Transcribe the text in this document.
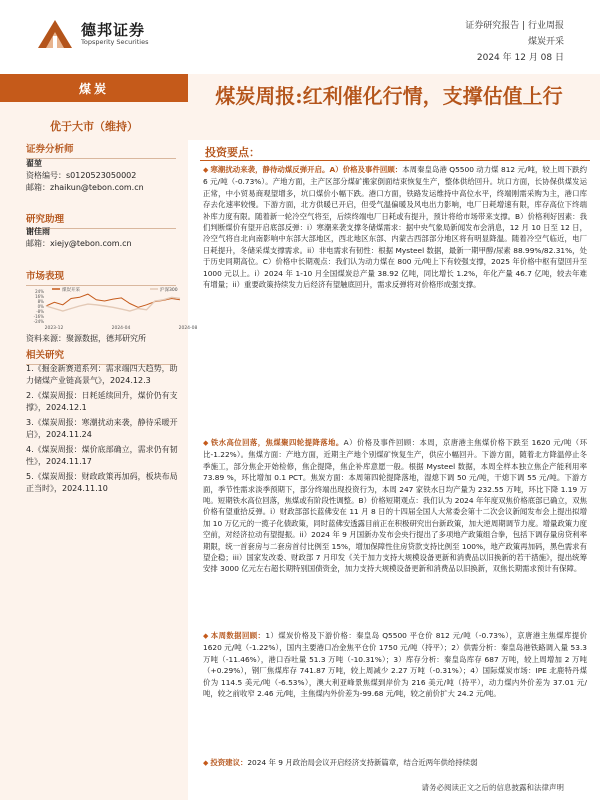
德邦证券
Topsperity Securities
证券研究报告 | 行业周报
煤炭开采
2024 年 12 月 08 日
煤炭
优于大市（维持）
证券分析师
翟堃
资格编号：s0120523050002
邮箱：zhaikun@tebon.com.cn
研究助理
谢佳雨
邮箱：xiejy@tebon.com.cn
市场表现
24%
16%
8%
0%
-8%
-16%
-24%
2023-12	2024-04	2024-08
煤炭开采	沪深300
资料来源：聚源数据，德邦研究所
相关研究
1.《掘金新赛道系列：需求端四大趋势，助力储煤产业链高景气》，2024.12.3
2.《煤炭周报：日耗延续回升，煤价仍有支撑》，2024.12.1
3.《煤炭周报：寒潮扰动来袭，静待采暖开启》，2024.11.24
4.《煤炭周报：煤价底部确立，需求仍有韧性》，2024.11.17
5.《煤炭周报：财政政策再加码，板块布局正当时》，2024.11.10
煤炭周报:红利催化行情，支撑估值上行
投资要点：
◆ 寒潮扰动来袭，静待动煤反弹开启。A）价格及事件回顾：本周秦皇岛港 Q5500 动力煤 812 元/吨，较上周下跌约 6 元/吨（-0.73%）。产地方面，主产区部分煤矿搬家倒面结束恢复生产，整体供给回升。坑口方面，长协保供煤发运正常，中小贸易商观望增多，坑口煤价小幅下跌。港口方面，铁路发运维持中高位水平，终端刚需采购为主，港口库存去化速率较慢。下游方面，北方供暖已开启，但受气温偏暖及风电出力影响，电厂日耗增速有限，库存高位下终端补库力度有限。随着新一轮冷空气将至，后续终端电厂日耗或有提升，预计将给市场带来支撑。B）价格利好因素：我们判断煤价有望开启底部反弹：i）寒潮来袭支撑冬储煤需求：据中央气象局新闻发布会消息，12 月 10 日至 12 日，冷空气将自北向南影响中东部大部地区，西北地区东部、内蒙古西部部分地区将有明显降温。随着冷空气临近，电厂日耗提升，冬储采煤支撑需求。ii）非电需求有韧性：根据 Mysteel 数据，最新一期甲醇/尿素 88.99%/82.31%，处于历史同期高位。C）价格中长期观点：我们认为动力煤在 800 元/吨上下有较强支撑，2025 年价格中枢有望回升至 1000 元以上。i）2024 年 1-10 月全国煤炭总产量 38.92 亿吨，同比增长 1.2%，年化产量 46.7 亿吨，较去年难有增量；ii）重要政策持续发力后经济有望触底回升，需求反弹将对价格形成强支撑。
◆ 铁水高位回落，焦煤聚四轮提降落地。A）价格及事件回顾：本周，京唐港主焦煤价格下跌至 1620 元/吨（环比-1.22%）。焦煤方面：产地方面，近期主产地个别煤矿恢复生产，供应小幅回升。下游方面，随着北方降温停止冬季施工，部分焦企开始检修，焦企提降，焦企补库意愿一般。根据 Mysteel 数据，本周全样本独立焦企产能利用率 73.89 %，环比增加 0.1 PCT。焦炭方面：本周第四轮提降落地，湿熄下调 50 元/吨，干熄下调 55 元/吨。下游方面，季节性需求淡季预期下，部分终端出现投资行为，本周 247 家铁水日均产量为 232.55 万吨，环比下降 1.19 万吨。短期铁水高位回落，焦煤或有阶段性调整。B）价格短期观点：我们认为 2024 年年度双焦价格底部已确立，双焦价格有望重拾反弹。i）财政部部长蓝佛安在 11 月 8 日的十四届全国人大常委会第十二次会议新闻发布会上提出拟增加 10 万亿元的一揽子化债政策，同时蓝佛安透露目前正在积极研究出台新政策，加大逆周期调节力度。增量政策力度空前，对经济拉动有望提振。ii）2024 年 9 月国新办发布会央行提出了多项地产政策组合拳，包括下调存量房贷利率期限，统一首套房与二套房首付比例至 15%，增加保障性住房贷款支持比例至 100%，地产政策再加码，黑色需求有望企稳；iii）国家发改委、财政部 7 月印发《关于加力支持大规模设备更新和消费品以旧换新的若干措施》，提出统筹安排 3000 亿元左右超长期特别国债资金，加力支持大规模设备更新和消费品以旧换新，双焦长期需求预计有保障。
◆ 本周数据回顾：1）煤炭价格及下游价格：秦皇岛 Q5500 平仓价 812 元/吨（-0.73%），京唐港主焦煤库提价 1620 元/吨（-1.22%），国内主要港口冶金焦平仓价 1750 元/吨（持平）；2）供需分析：秦皇岛港铁路调入量 53.3 万吨（-11.46%），港口吞吐量 51.3 万吨（-10.31%）；3）库存分析：秦皇岛库存 687 万吨，较上周增加 2 万吨（+0.29%），钢厂焦煤库存 741.87 万吨，较上周减少 2.27 万吨（-0.31%）；4）国际煤炭市场：IPE 北鹿特丹煤价为 114.5 美元/吨（-6.53%），澳大利亚峰景焦煤到岸价为 216 美元/吨（持平），动力煤内外价差为 37.01 元/吨，较之前收窄 2.46 元/吨，主焦煤内外价差为-99.68 元/吨，较之前价扩大 24.2 元/吨。
◆ 投资建议：2024 年 9 月政治局会议开启经济支持新篇章，结合近两年供给持续弱
请务必阅读正文之后的信息披露和法律声明
